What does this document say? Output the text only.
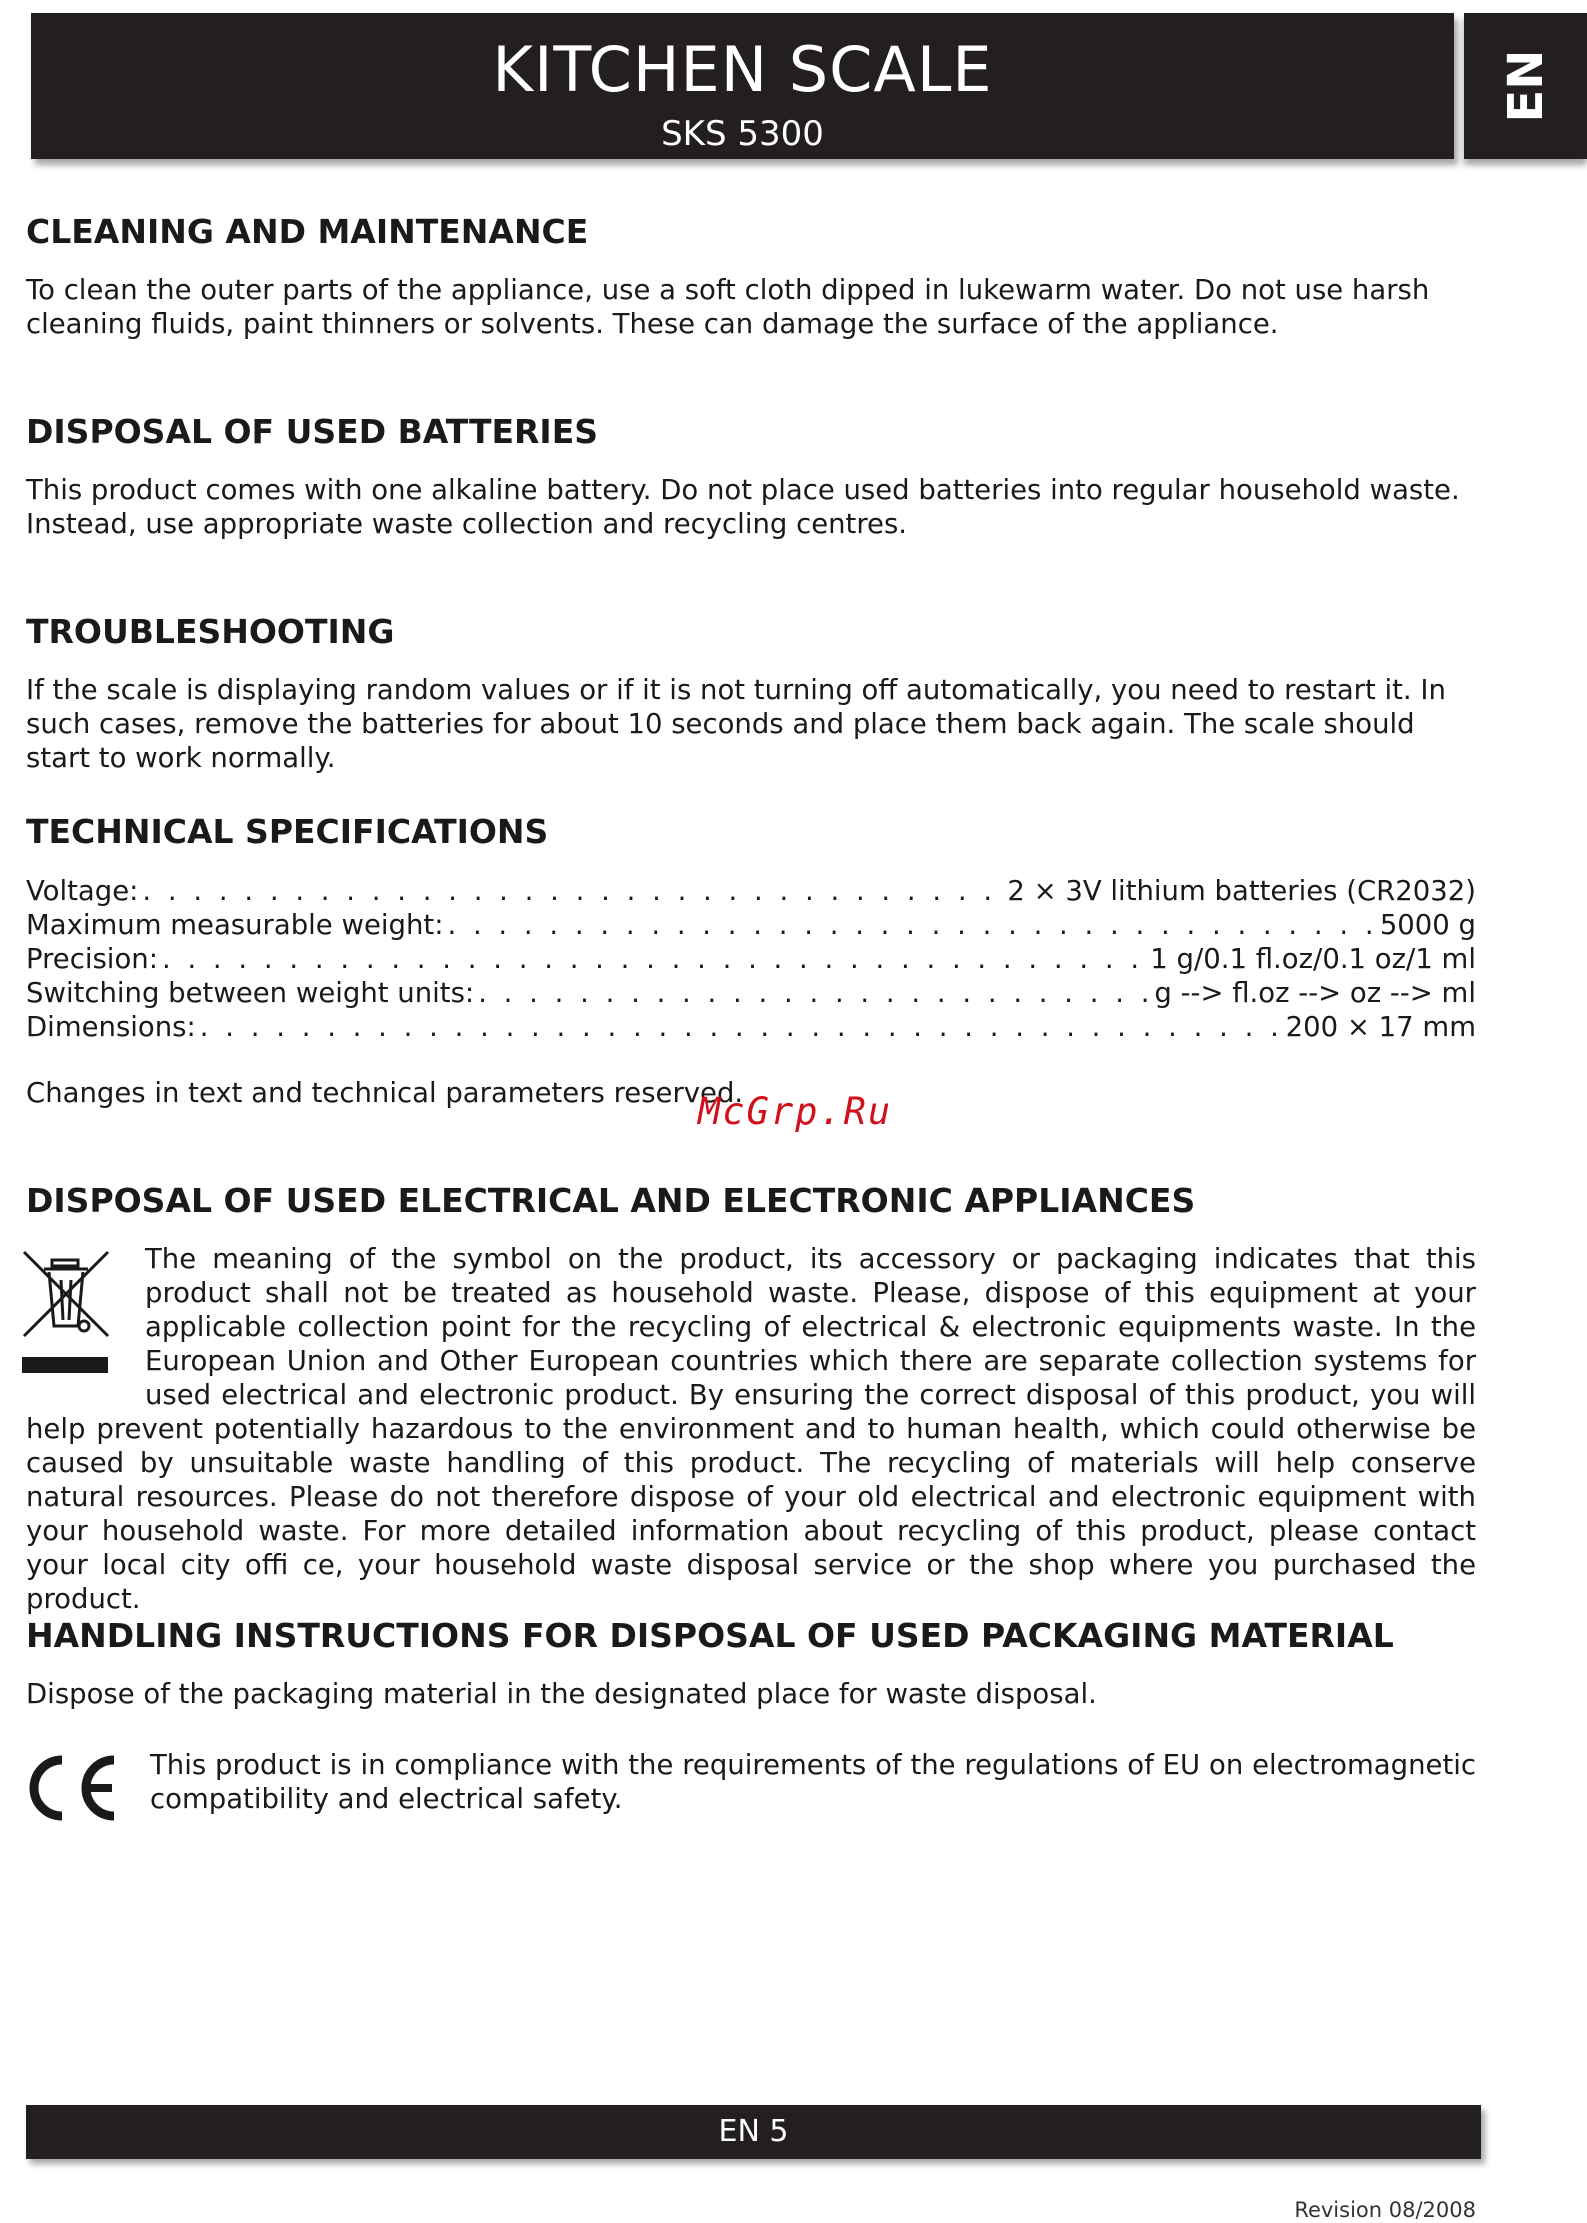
KITCHEN SCALE
SKS 5300
EN
CLEANING AND MAINTENANCE

To clean the outer parts of the appliance, use a soft cloth dipped in lukewarm water. Do not use harsh cleaning fluids, paint thinners or solvents. These can damage the surface of the appliance.

DISPOSAL OF USED BATTERIES

This product comes with one alkaline battery. Do not place used batteries into regular household waste. Instead, use appropriate waste collection and recycling centres.

TROUBLESHOOTING

If the scale is displaying random values or if it is not turning off automatically, you need to restart it. In such cases, remove the batteries for about 10 seconds and place them back again. The scale should start to work normally.

TECHNICAL SPECIFICATIONS
Voltage: . . .	2 × 3V lithium batteries (CR2032)
Maximum measurable weight: . . .	5000 g
Precision: . . .	1 g/0.1 fl.oz/0.1 oz/1 ml
Switching between weight units: . . .	g --> fl.oz --> oz --> ml
Dimensions: . . .	200 × 17 mm

Changes in text and technical parameters reserved.

McGrp.Ru
DISPOSAL OF USED ELECTRICAL AND ELECTRONIC APPLIANCES

The meaning of the symbol on the product, its accessory or packaging indicates that this product shall not be treated as household waste. Please, dispose of this equipment at your applicable collection point for the recycling of electrical & electronic equipments waste. In the European Union and Other European countries which there are separate collection systems for used electrical and electronic product. By ensuring the correct disposal of this product, you will help prevent potentially hazardous to the environment and to human health, which could otherwise be caused by unsuitable waste handling of this product. The recycling of materials will help conserve natural resources. Please do not therefore dispose of your old electrical and electronic equipment with your household waste. For more detailed information about recycling of this product, please contact your local city offi ce, your household waste disposal service or the shop where you purchased the product.

HANDLING INSTRUCTIONS FOR DISPOSAL OF USED PACKAGING MATERIAL

Dispose of the packaging material in the designated place for waste disposal.

This product is in compliance with the requirements of the regulations of EU on electromagnetic compatibility and electrical safety.

EN 5
Revision 08/2008
